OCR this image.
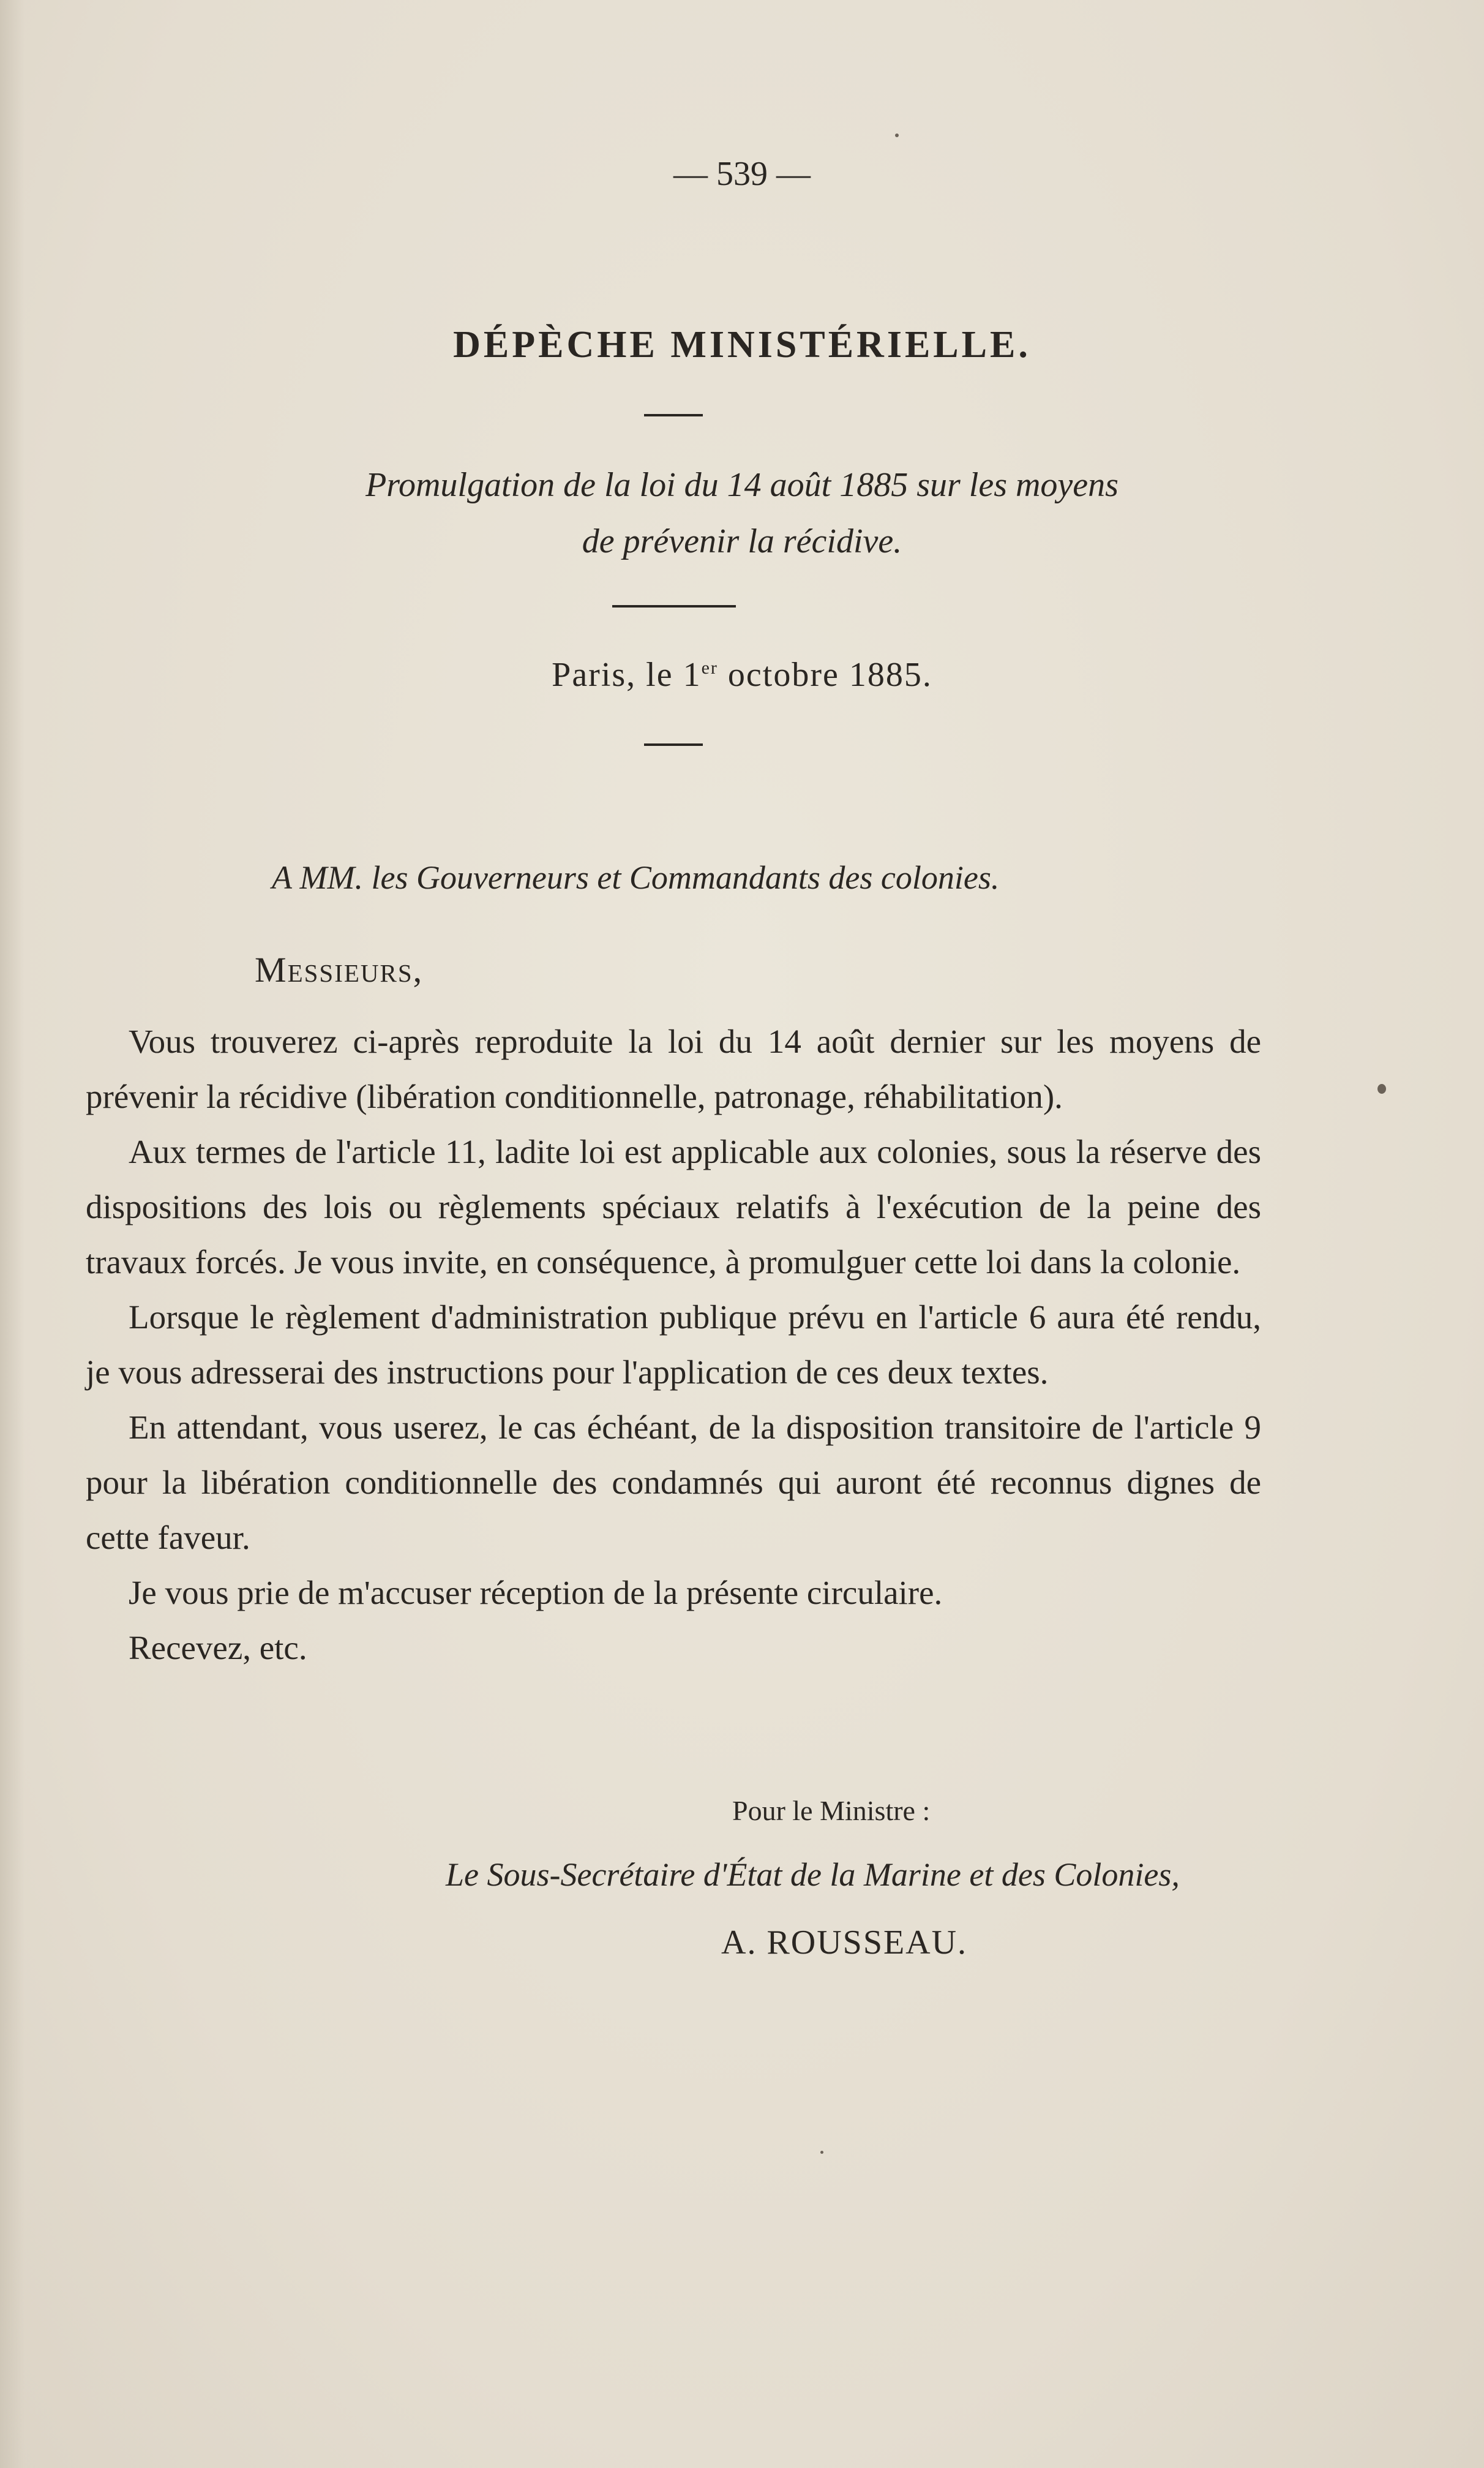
— 539 —
DÉPÈCHE MINISTÉRIELLE.
Promulgation de la loi du 14 août 1885 sur les moyens
de prévenir la récidive.
Paris, le 1er octobre 1885.
A MM. les Gouverneurs et Commandants des colonies.
Messieurs,

Vous trouverez ci-après reproduite la loi du 14 août dernier sur les moyens de prévenir la récidive (libération conditionnelle, patronage, réhabilitation).

Aux termes de l'article 11, ladite loi est applicable aux colonies, sous la réserve des dispositions des lois ou règlements spéciaux relatifs à l'exécution de la peine des travaux forcés. Je vous invite, en conséquence, à promulguer cette loi dans la colonie.

Lorsque le règlement d'administration publique prévu en l'article 6 aura été rendu, je vous adresserai des instructions pour l'application de ces deux textes.

En attendant, vous userez, le cas échéant, de la disposition transitoire de l'article 9 pour la libération conditionnelle des condamnés qui auront été reconnus dignes de cette faveur.

Je vous prie de m'accuser réception de la présente circulaire.

Recevez, etc.

Pour le Ministre :
Le Sous-Secrétaire d'État de la Marine et des Colonies,
A. ROUSSEAU.
